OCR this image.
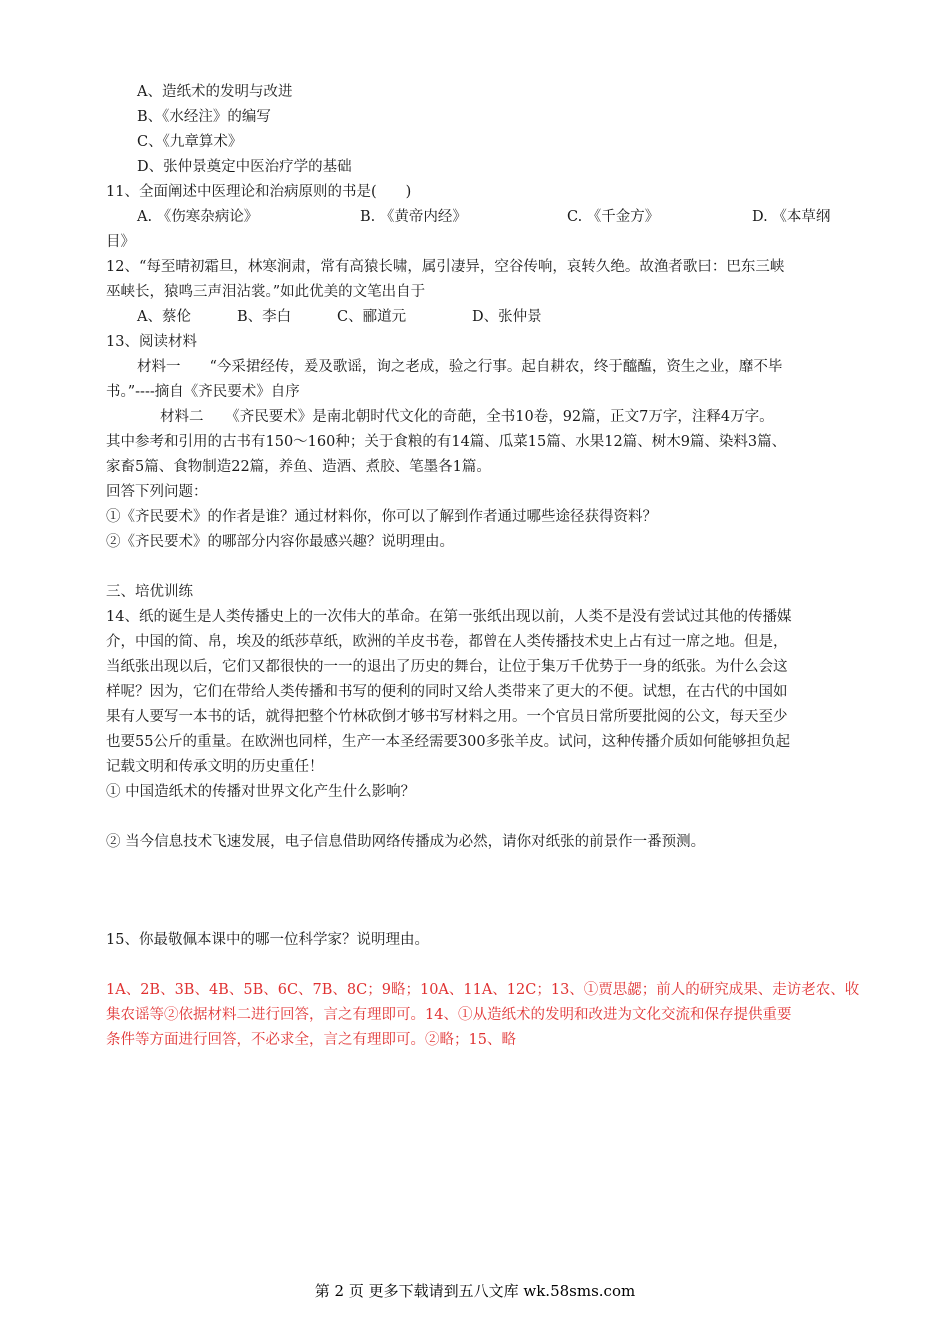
A、造纸术的发明与改进
B、《水经注》的编写
C、《九章算术》
D、张仲景奠定中医治疗学的基础
11、全面阐述中医理论和治病原则的书是(　　)
A. 《伤寒杂病论》	B. 《黄帝内经》	C. 《千金方》	D. 《本草纲
目》
12、“每至晴初霜旦，林寒涧肃，常有高猿长啸，属引凄异，空谷传响，哀转久绝。故渔者歌曰：巴东三峡
巫峡长，猿鸣三声泪沾裳。”如此优美的文笔出自于
A、蔡伦	B、李白	C、郦道元	D、张仲景
13、阅读材料
材料一　　“今采捃经传，爰及歌谣，询之老成，验之行事。起自耕农，终于醯醢，资生之业，靡不毕
书。”----摘自《齐民要术》自序
材料二　　《齐民要术》是南北朝时代文化的奇葩，全书10卷，92篇，正文7万字，注释4万字。
其中参考和引用的古书有150～160种；关于食粮的有14篇、瓜菜15篇、水果12篇、树木9篇、染料3篇、
家畜5篇、食物制造22篇，养鱼、造酒、煮胶、笔墨各1篇。
回答下列问题：
①《齐民要术》的作者是谁？通过材料你，你可以了解到作者通过哪些途径获得资料？
②《齐民要术》的哪部分内容你最感兴趣？说明理由。
三、培优训练
14、纸的诞生是人类传播史上的一次伟大的革命。在第一张纸出现以前，人类不是没有尝试过其他的传播媒
介，中国的简、帛，埃及的纸莎草纸，欧洲的羊皮书卷，都曾在人类传播技术史上占有过一席之地。但是，
当纸张出现以后，它们又都很快的一一的退出了历史的舞台，让位于集万千优势于一身的纸张。为什么会这
样呢？因为，它们在带给人类传播和书写的便利的同时又给人类带来了更大的不便。试想，在古代的中国如
果有人要写一本书的话，就得把整个竹林砍倒才够书写材料之用。一个官员日常所要批阅的公文，每天至少
也要55公斤的重量。在欧洲也同样，生产一本圣经需要300多张羊皮。试问，这种传播介质如何能够担负起
记载文明和传承文明的历史重任！
① 中国造纸术的传播对世界文化产生什么影响？
② 当今信息技术飞速发展，电子信息借助网络传播成为必然，请你对纸张的前景作一番预测。
15、你最敬佩本课中的哪一位科学家？说明理由。
1A、2B、3B、4B、5B、6C、7B、8C；9略；10A、11A、12C；13、①贾思勰；前人的研究成果、走访老农、收
集农谣等②依据材料二进行回答，言之有理即可。14、①从造纸术的发明和改进为文化交流和保存提供重要
条件等方面进行回答，不必求全，言之有理即可。②略；15、略
第 2 页 更多下载请到五八文库 wk.58sms.com
